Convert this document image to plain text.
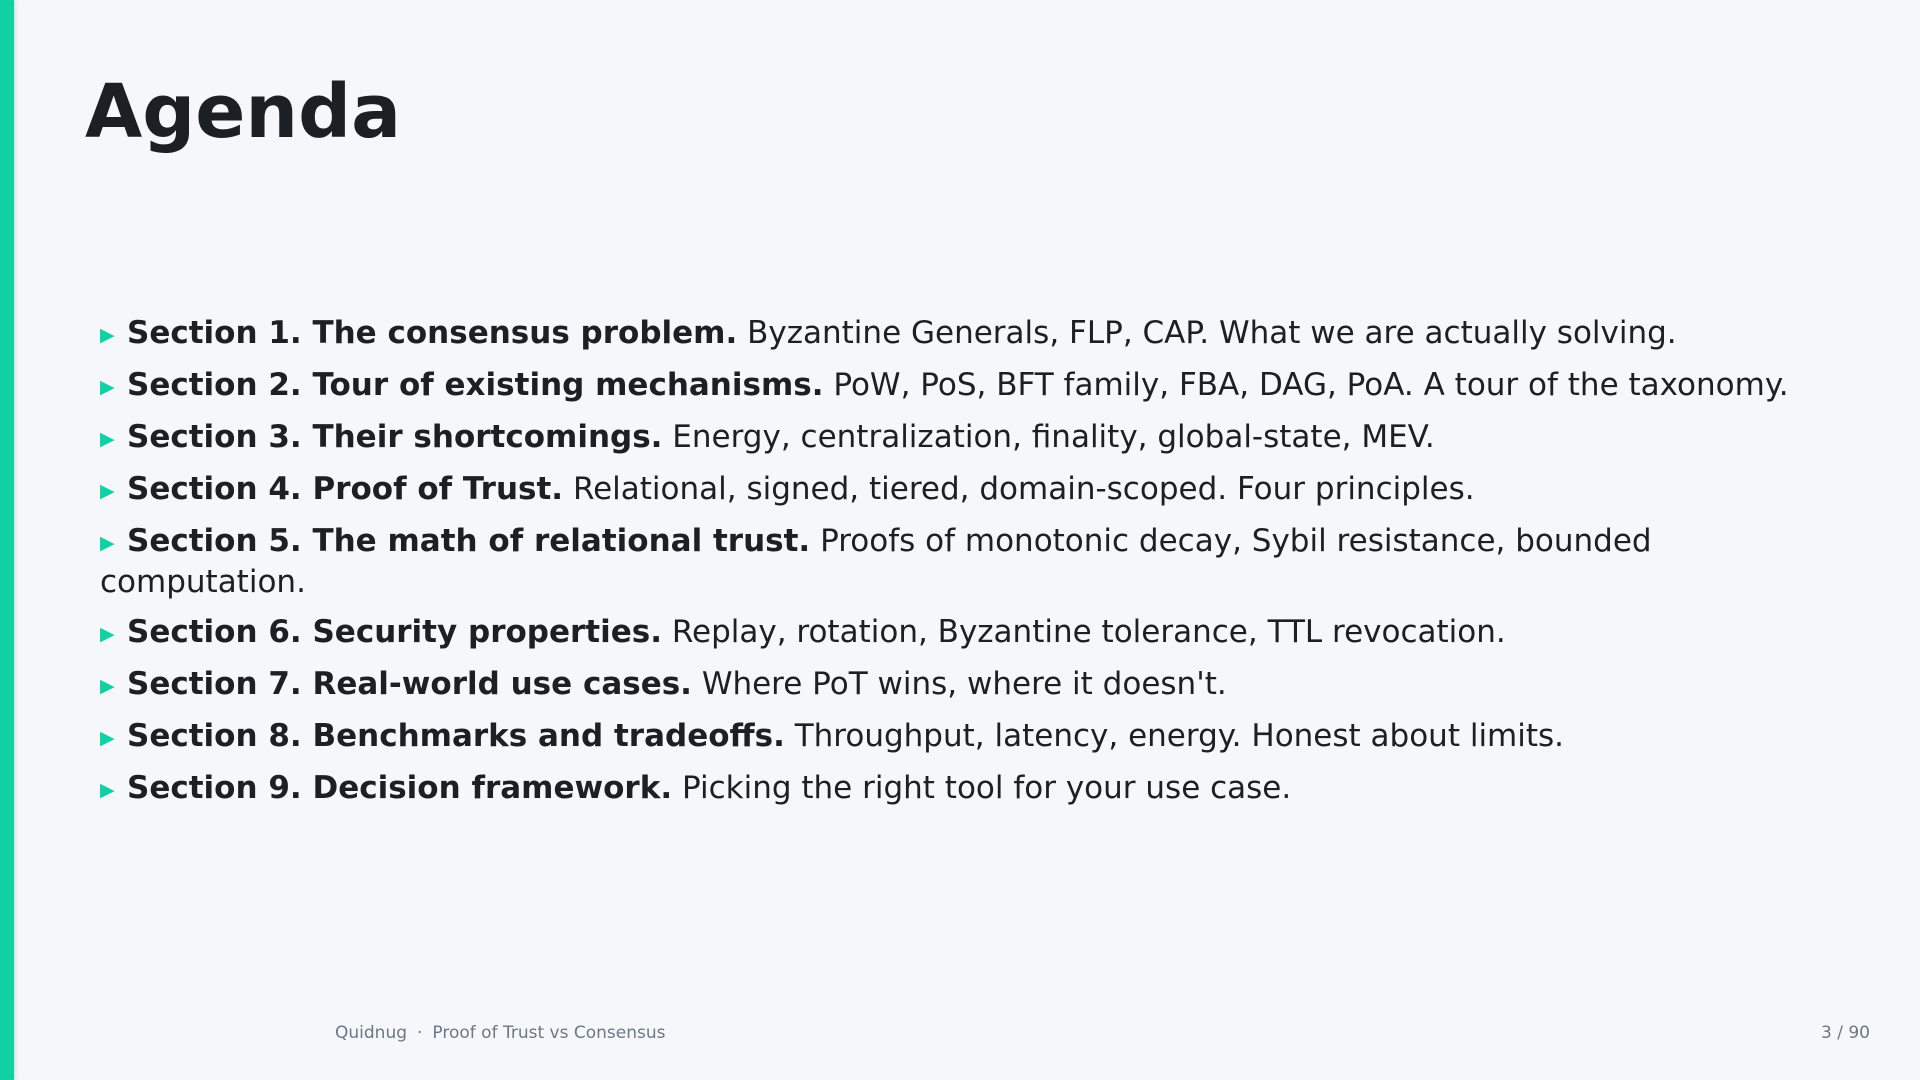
Agenda
▶ Section 1. The consensus problem. Byzantine Generals, FLP, CAP. What we are actually solving.
▶ Section 2. Tour of existing mechanisms. PoW, PoS, BFT family, FBA, DAG, PoA. A tour of the taxonomy.
▶ Section 3. Their shortcomings. Energy, centralization, finality, global-state, MEV.
▶ Section 4. Proof of Trust. Relational, signed, tiered, domain-scoped. Four principles.
▶ Section 5. The math of relational trust. Proofs of monotonic decay, Sybil resistance, bounded computation.
▶ Section 6. Security properties. Replay, rotation, Byzantine tolerance, TTL revocation.
▶ Section 7. Real-world use cases. Where PoT wins, where it doesn't.
▶ Section 8. Benchmarks and tradeoffs. Throughput, latency, energy. Honest about limits.
▶ Section 9. Decision framework. Picking the right tool for your use case.
Quidnug · Proof of Trust vs Consensus	3 / 90
